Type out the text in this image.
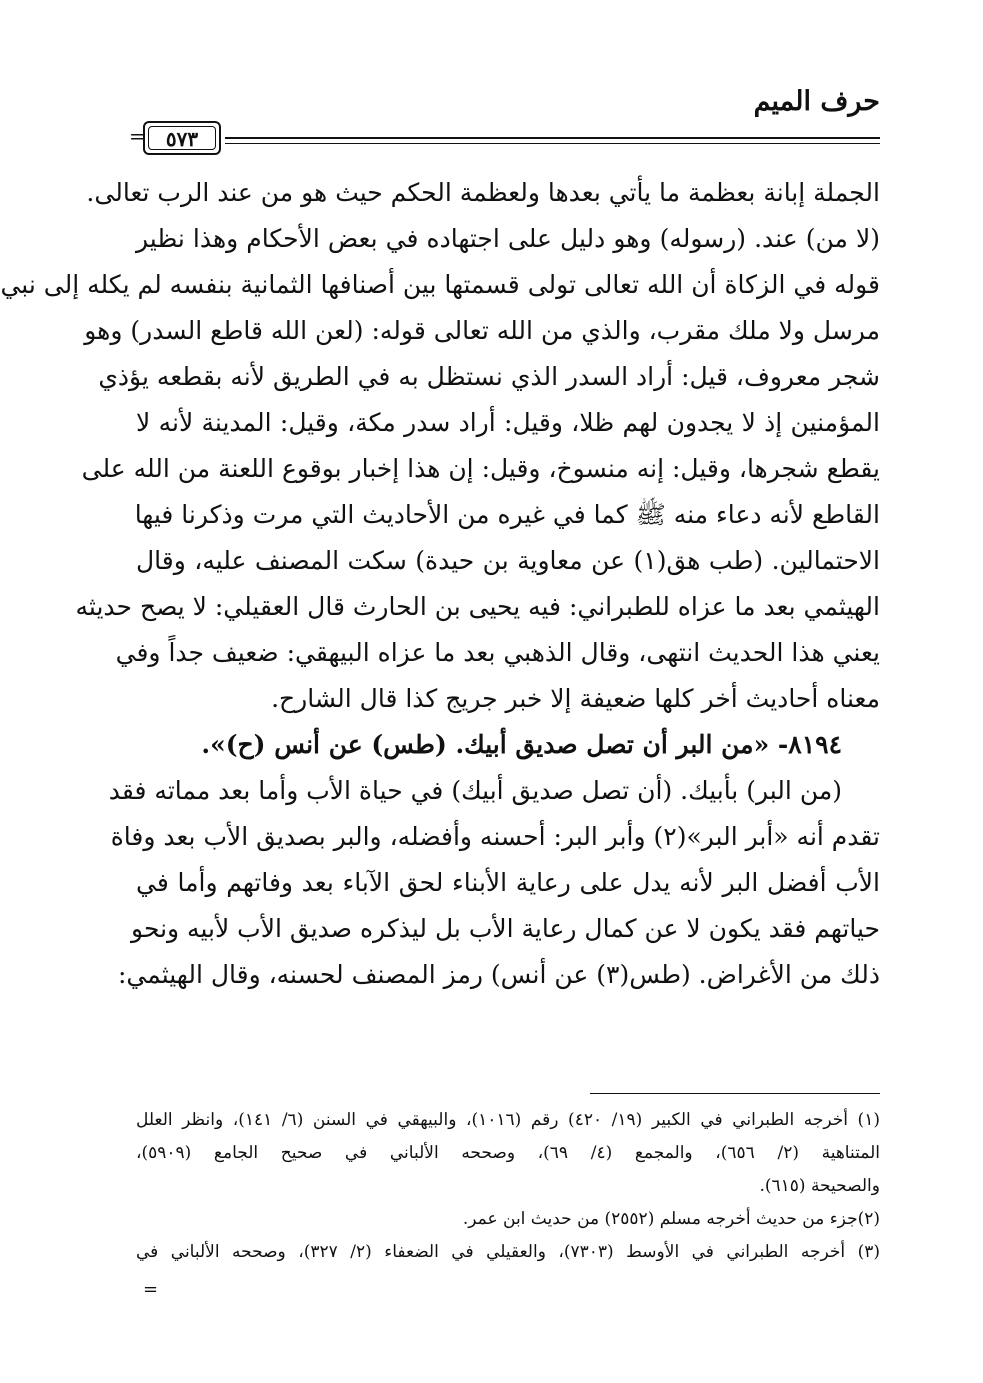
حرف الميم
٥٧٣
=
الجملة إبانة بعظمة ما يأتي بعدها ولعظمة الحكم حيث هو من عند الرب تعالى.
(لا من) عند. (رسوله) وهو دليل على اجتهاده في بعض الأحكام وهذا نظير
قوله في الزكاة أن الله تعالى تولى قسمتها بين أصنافها الثمانية بنفسه لم يكله إلى نبي
مرسل ولا ملك مقرب، والذي من الله تعالى قوله: (لعن الله قاطع السدر) وهو
شجر معروف، قيل: أراد السدر الذي نستظل به في الطريق لأنه بقطعه يؤذي
المؤمنين إذ لا يجدون لهم ظلا، وقيل: أراد سدر مكة، وقيل: المدينة لأنه لا
يقطع شجرها، وقيل: إنه منسوخ، وقيل: إن هذا إخبار بوقوع اللعنة من الله على
القاطع لأنه دعاء منه ﷺ كما في غيره من الأحاديث التي مرت وذكرنا فيها
الاحتمالين. (طب هق(١) عن معاوية بن حيدة) سكت المصنف عليه، وقال
الهيثمي بعد ما عزاه للطبراني: فيه يحيى بن الحارث قال العقيلي: لا يصح حديثه
يعني هذا الحديث انتهى، وقال الذهبي بعد ما عزاه البيهقي: ضعيف جداً وفي
معناه أحاديث أخر كلها ضعيفة إلا خبر جريج كذا قال الشارح.
٨١٩٤- «من البر أن تصل صديق أبيك. (طس) عن أنس (ح)».
(من البر) بأبيك. (أن تصل صديق أبيك) في حياة الأب وأما بعد مماته فقد
تقدم أنه «أبر البر»(٢) وأبر البر: أحسنه وأفضله، والبر بصديق الأب بعد وفاة
الأب أفضل البر لأنه يدل على رعاية الأبناء لحق الآباء بعد وفاتهم وأما في
حياتهم فقد يكون لا عن كمال رعاية الأب بل ليذكره صديق الأب لأبيه ونحو
ذلك من الأغراض. (طس(٣) عن أنس) رمز المصنف لحسنه، وقال الهيثمي:
(١) أخرجه الطبراني في الكبير (١٩/ ٤٢٠) رقم (١٠١٦)، والبيهقي في السنن (٦/ ١٤١)، وانظر العلل
المتناهية (٢/ ٦٥٦)، والمجمع (٤/ ٦٩)، وصححه الألباني في صحيح الجامع (٥٩٠٩)،
والصحيحة (٦١٥).
(٢)جزء من حديث أخرجه مسلم (٢٥٥٢) من حديث ابن عمر.
(٣) أخرجه الطبراني في الأوسط (٧٣٠٣)، والعقيلي في الضعفاء (٢/ ٣٢٧)، وصححه الألباني في
=
